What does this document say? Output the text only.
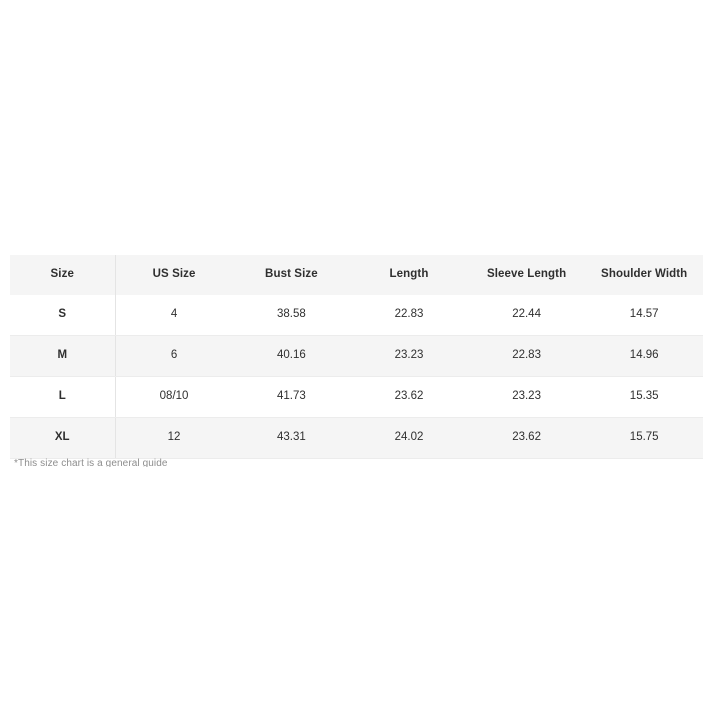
Size	US Size	Bust Size	Length	Sleeve Length	Shoulder Width
S	4	38.58	22.83	22.44	14.57
M	6	40.16	23.23	22.83	14.96
L	08/10	41.73	23.62	23.23	15.35
XL	12	43.31	24.02	23.62	15.75
*This size chart is a general guide
